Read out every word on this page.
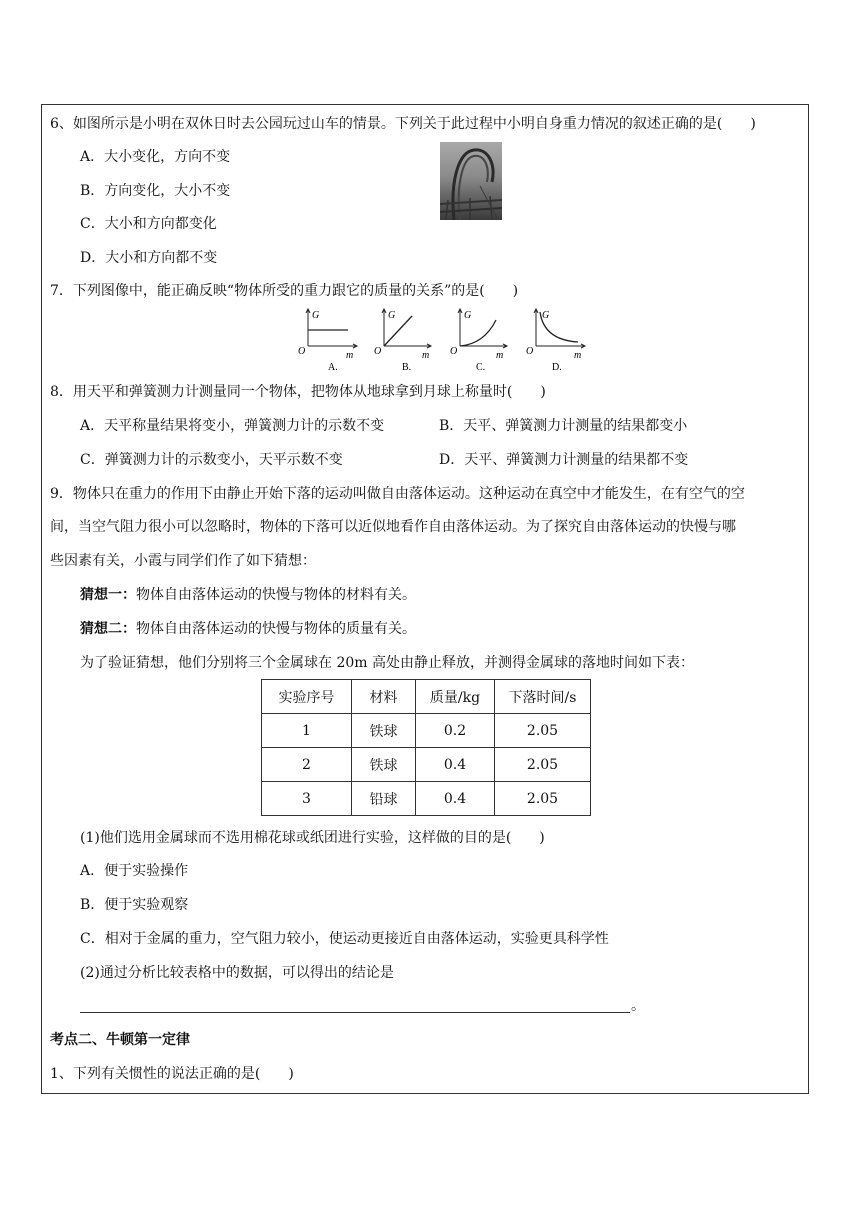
6、如图所示是小明在双休日时去公园玩过山车的情景。下列关于此过程中小明自身重力情况的叙述正确的是(　　)
A．大小变化，方向不变
B．方向变化，大小不变
C．大小和方向都变化
D．大小和方向都不变
7．下列图像中，能正确反映“物体所受的重力跟它的质量的关系”的是(　　)
G
O	m
A.
G
O	m
B.
G
O	m
C.
G
O	m
D.
8．用天平和弹簧测力计测量同一个物体，把物体从地球拿到月球上称量时(　　)
A．天平称量结果将变小，弹簧测力计的示数不变	B．天平、弹簧测力计测量的结果都变小
C．弹簧测力计的示数变小，天平示数不变	D．天平、弹簧测力计测量的结果都不变
9．物体只在重力的作用下由静止开始下落的运动叫做自由落体运动。这种运动在真空中才能发生，在有空气的空
间，当空气阻力很小可以忽略时，物体的下落可以近似地看作自由落体运动。为了探究自由落体运动的快慢与哪
些因素有关，小霞与同学们作了如下猜想：
猜想一：物体自由落体运动的快慢与物体的材料有关。
猜想二：物体自由落体运动的快慢与物体的质量有关。
为了验证猜想，他们分别将三个金属球在 20m 高处由静止释放，并测得金属球的落地时间如下表：
实验序号	材料	质量/kg	下落时间/s
1	铁球	0.2	2.05
2	铁球	0.4	2.05
3	铅球	0.4	2.05
(1)他们选用金属球而不选用棉花球或纸团进行实验，这样做的目的是(　　)
A．便于实验操作
B．便于实验观察
C．相对于金属的重力，空气阻力较小，使运动更接近自由落体运动，实验更具科学性
(2)通过分析比较表格中的数据，可以得出的结论是
。
考点二、牛顿第一定律
1、下列有关惯性的说法正确的是(　　)
